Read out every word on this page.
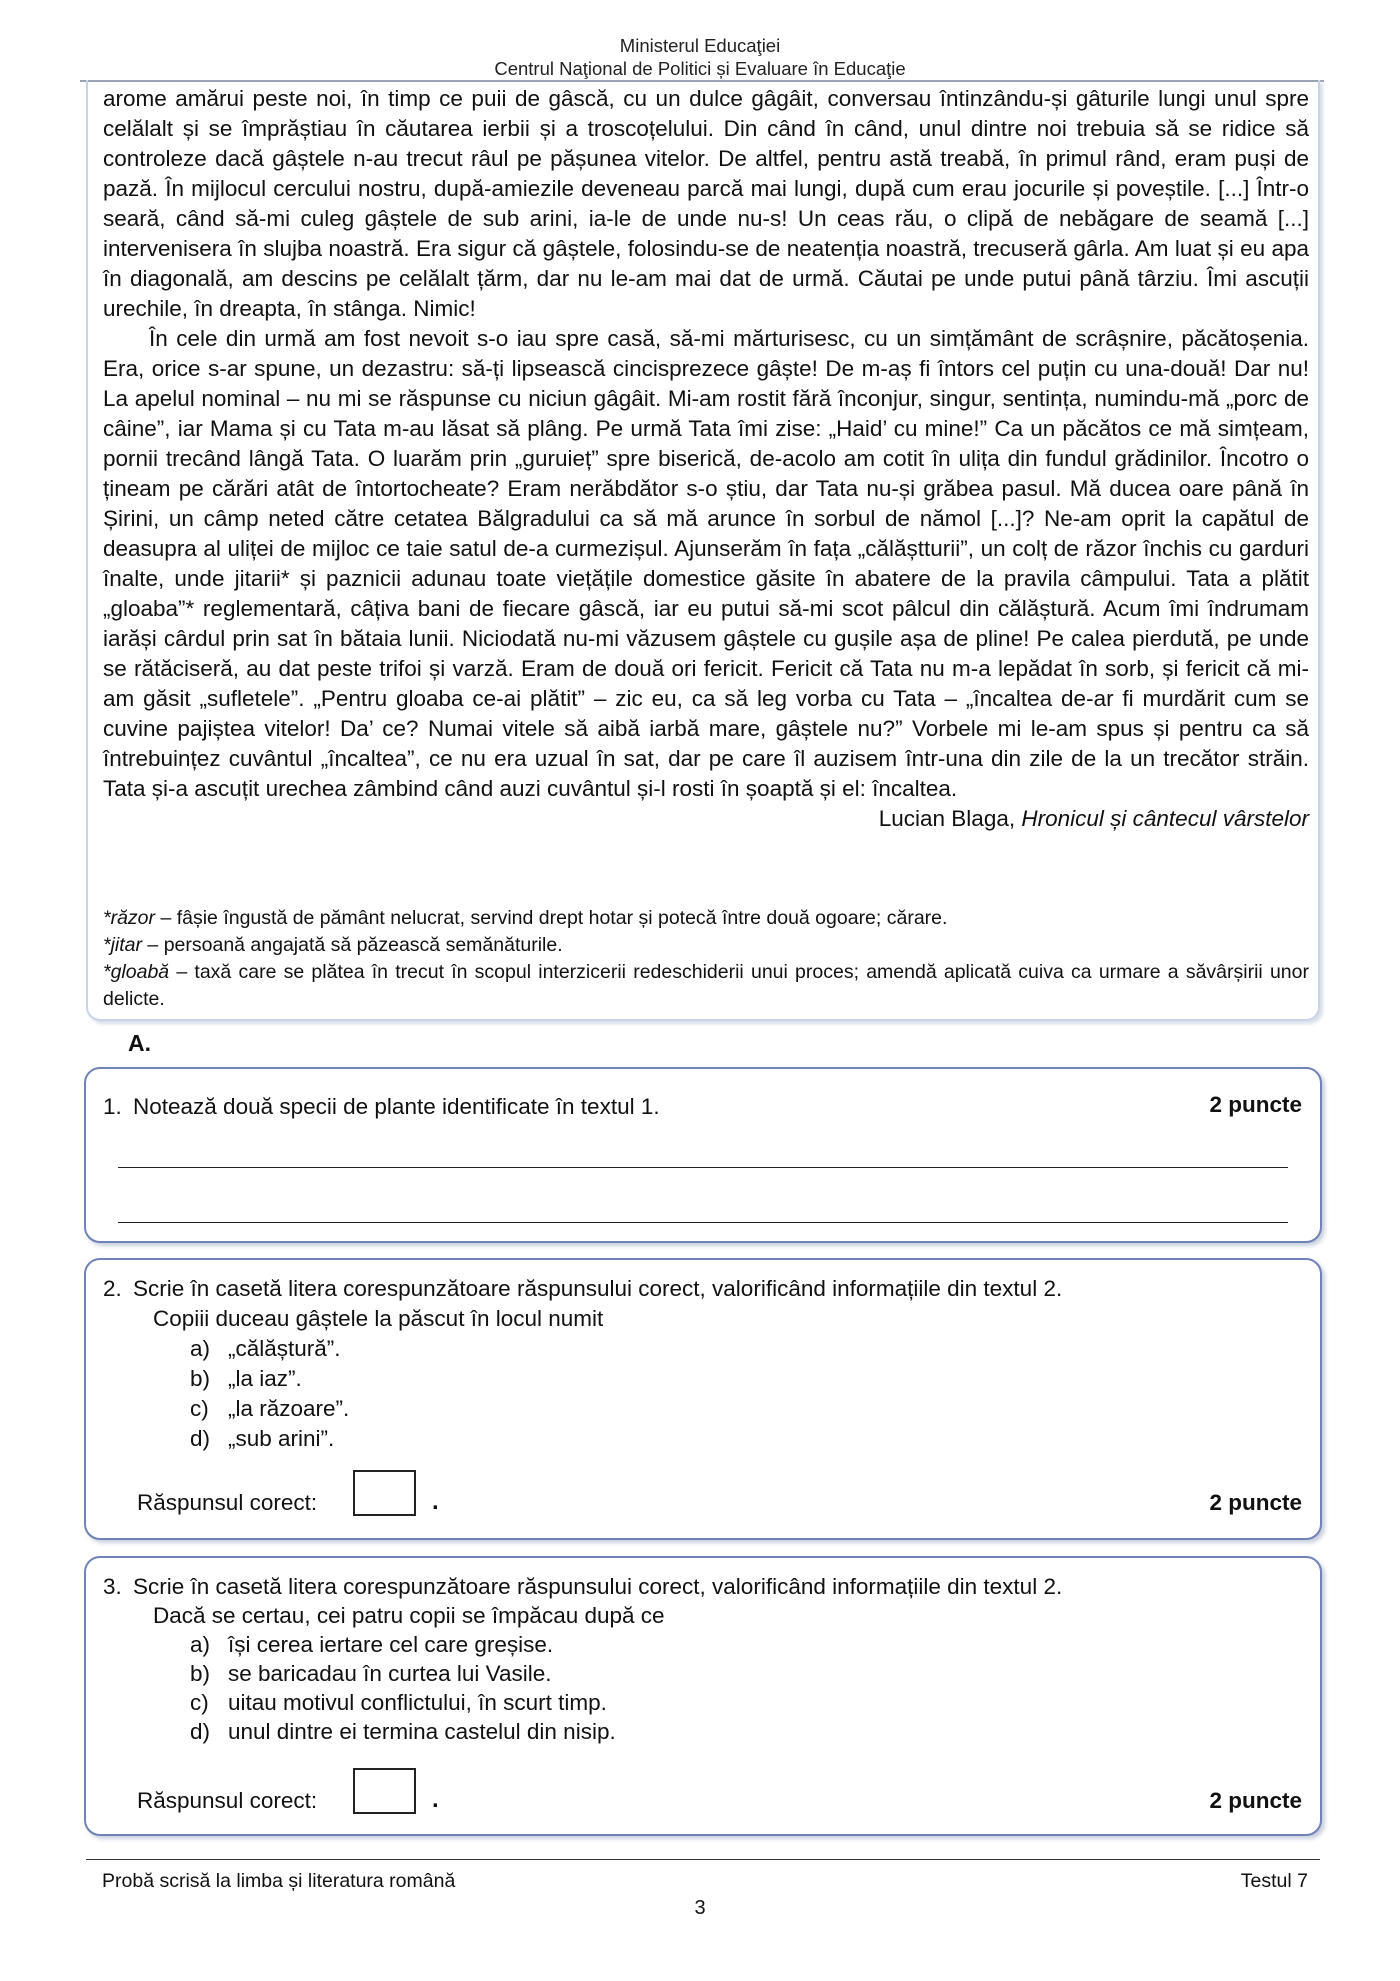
Ministerul Educaţiei
Centrul Naţional de Politici și Evaluare în Educaţie

arome amărui peste noi, în timp ce puii de gâscă, cu un dulce gâgâit, conversau întinzându-și gâturile lungi unul spre celălalt și se împrăștiau în căutarea ierbii și a troscoțelului. Din când în când, unul dintre noi trebuia să se ridice să controleze dacă gâștele n-au trecut râul pe pășunea vitelor. De altfel, pentru astă treabă, în primul rând, eram puși de pază. În mijlocul cercului nostru, după-amiezile deveneau parcă mai lungi, după cum erau jocurile și poveștile. [...] Într-o seară, când să-mi culeg gâștele de sub arini, ia-le de unde nu-s! Un ceas rău, o clipă de nebăgare de seamă [...] intervenisera în slujba noastră. Era sigur că gâștele, folosindu-se de neatenția noastră, trecuseră gârla. Am luat și eu apa în diagonală, am descins pe celălalt țărm, dar nu le-am mai dat de urmă. Căutai pe unde putui până târziu. Îmi ascuții urechile, în dreapta, în stânga. Nimic!

În cele din urmă am fost nevoit s-o iau spre casă, să-mi mărturisesc, cu un simțământ de scrâșnire, păcătoșenia. Era, orice s-ar spune, un dezastru: să-ți lipsească cincisprezece gâște! De m-aș fi întors cel puțin cu una-două! Dar nu! La apelul nominal – nu mi se răspunse cu niciun gâgâit. Mi-am rostit fără înconjur, singur, sentința, numindu-mă „porc de câine”, iar Mama și cu Tata m-au lăsat să plâng. Pe urmă Tata îmi zise: „Haid’ cu mine!” Ca un păcătos ce mă simțeam, pornii trecând lângă Tata. O luarăm prin „guruieț” spre biserică, de-acolo am cotit în ulița din fundul grădinilor. Încotro o țineam pe cărări atât de întortocheate? Eram nerăbdător s-o știu, dar Tata nu-și grăbea pasul. Mă ducea oare până în Șirini, un câmp neted către cetatea Bălgradului ca să mă arunce în sorbul de nămol [...]? Ne-am oprit la capătul de deasupra al uliței de mijloc ce taie satul de-a curmezișul. Ajunserăm în fața „călăștturii”, un colț de răzor închis cu garduri înalte, unde jitarii* și paznicii adunau toate viețățile domestice găsite în abatere de la pravila câmpului. Tata a plătit „gloaba”* reglementară, câțiva bani de fiecare gâscă, iar eu putui să-mi scot pâlcul din călăștură. Acum îmi îndrumam iarăși cârdul prin sat în bătaia lunii. Niciodată nu-mi văzusem gâștele cu gușile așa de pline! Pe calea pierdută, pe unde se rătăciseră, au dat peste trifoi și varză. Eram de două ori fericit. Fericit că Tata nu m-a lepădat în sorb, și fericit că mi-am găsit „sufletele”. „Pentru gloaba ce-ai plătit” – zic eu, ca să leg vorba cu Tata – „încaltea de-ar fi murdărit cum se cuvine pajiștea vitelor! Da’ ce? Numai vitele să aibă iarbă mare, gâștele nu?” Vorbele mi le-am spus și pentru ca să întrebuințez cuvântul „încaltea”, ce nu era uzual în sat, dar pe care îl auzisem într-una din zile de la un trecător străin. Tata și-a ascuțit urechea zâmbind când auzi cuvântul și-l rosti în șoaptă și el: încaltea.

Lucian Blaga, Hronicul și cântecul vârstelor

*răzor – fâșie îngustă de pământ nelucrat, servind drept hotar și potecă între două ogoare; cărare.

*jitar – persoană angajată să păzească semănăturile.

*gloabă – taxă care se plătea în trecut în scopul interzicerii redeschiderii unui proces; amendă aplicată cuiva ca urmare a săvârșirii unor delicte.

A.
1. Notează două specii de plante identificate în textul 1.	2 puncte
2. Scrie în casetă litera corespunzătoare răspunsului corect, valorificând informațiile din textul 2.
Copiii duceau gâștele la păscut în locul numit
a) „călăștură”.
b) „la iaz”.
c) „la răzoare”.
d) „sub arini”.
Răspunsul corect:	.	2 puncte
3. Scrie în casetă litera corespunzătoare răspunsului corect, valorificând informațiile din textul 2.
Dacă se certau, cei patru copii se împăcau după ce
a) își cerea iertare cel care greșise.
b) se baricadau în curtea lui Vasile.
c) uitau motivul conflictului, în scurt timp.
d) unul dintre ei termina castelul din nisip.
Răspunsul corect:	.	2 puncte
Probă scrisă la limba și literatura română	Testul 7
3
